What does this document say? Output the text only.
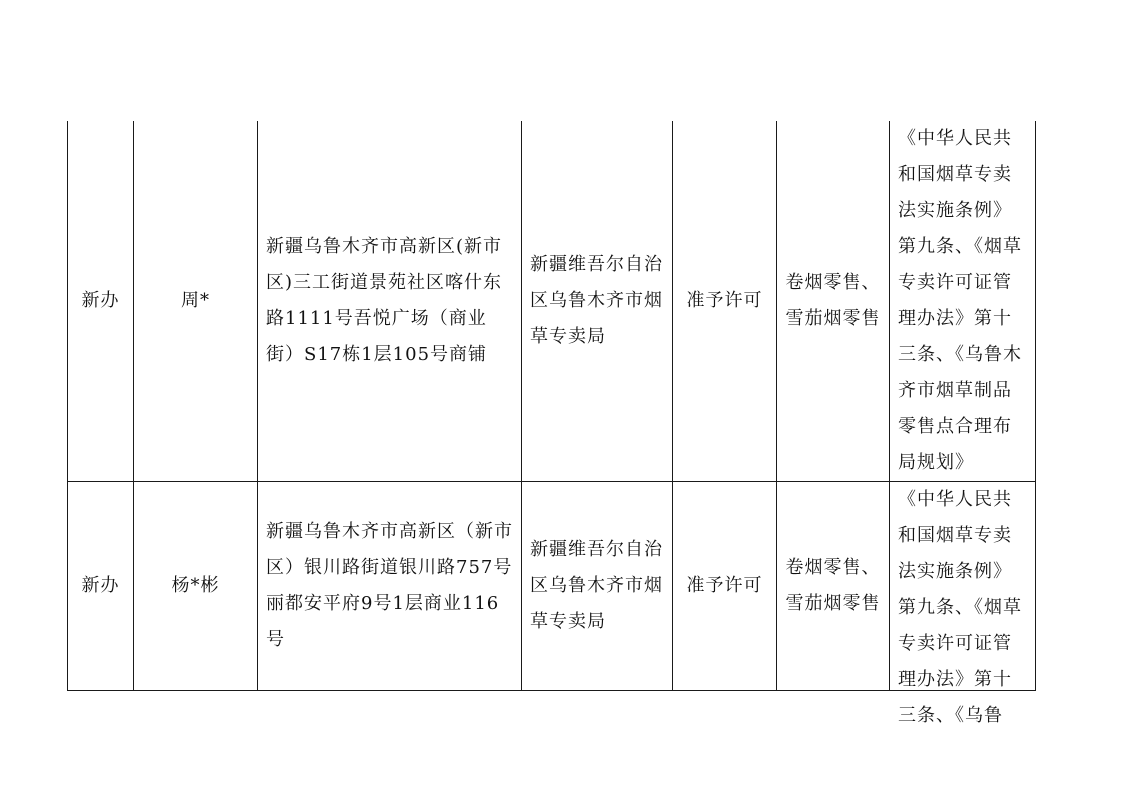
新办	周*	新疆乌鲁木齐市高新区(新市区)三工街道景苑社区喀什东路1111号吾悦广场（商业街）S17栋1层105号商铺	新疆维吾尔自治区乌鲁木齐市烟草专卖局	准予许可	卷烟零售、雪茄烟零售	《中华人民共和国烟草专卖法实施条例》第九条、《烟草专卖许可证管理办法》第十三条、《乌鲁木齐市烟草制品零售点合理布局规划》
新办	杨*彬	新疆乌鲁木齐市高新区（新市区）银川路街道银川路757号丽都安平府9号1层商业116号	新疆维吾尔自治区乌鲁木齐市烟草专卖局	准予许可	卷烟零售、雪茄烟零售	《中华人民共和国烟草专卖法实施条例》第九条、《烟草专卖许可证管理办法》第十三条、《乌鲁
